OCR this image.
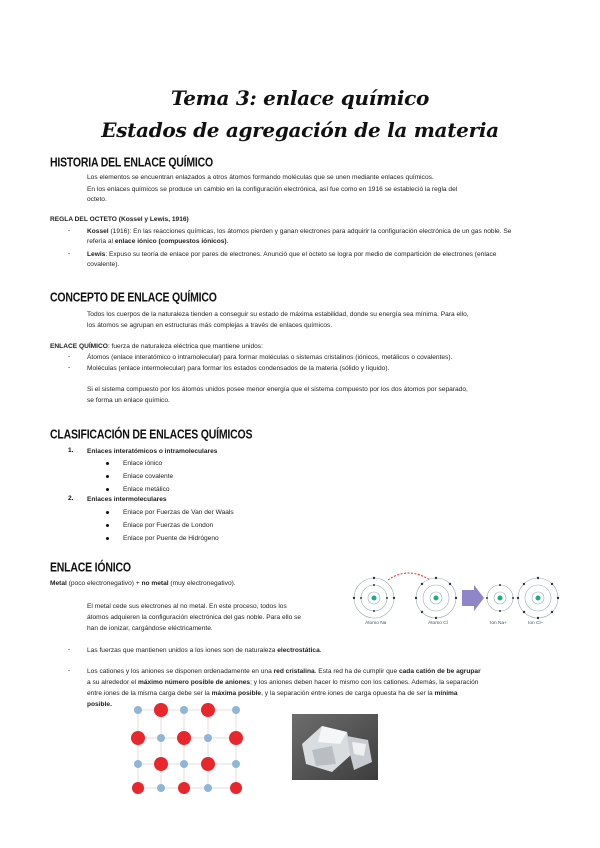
Tema 3: enlace químico
Estados de agregación de la materia
HISTORIA DEL ENLACE QUÍMICO
Los elementos se encuentran enlazados a otros átomos formando moléculas que se unen mediante enlaces químicos.
En los enlaces químicos se produce un cambio en la configuración electrónica, así fue como en 1916 se estableció la regla del
octeto.
REGLA DEL OCTETO (Kossel y Lewis, 1916)
-	Kossel (1916): En las reacciones químicas, los átomos pierden y ganan electrones para adquirir la configuración electrónica de un gas noble. Se
refería al enlace iónico (compuestos iónicos).
-	Lewis: Expuso su teoría de enlace por pares de electrones. Anunció que el octeto se logra por medio de compartición de electrones (enlace
covalente).
CONCEPTO DE ENLACE QUÍMICO
Todos los cuerpos de la naturaleza tienden a conseguir su estado de máxima estabilidad, donde su energía sea mínima. Para ello,
los átomos se agrupan en estructuras más complejas a través de enlaces químicos.
ENLACE QUÍMICO: fuerza de naturaleza eléctrica que mantiene unidos:
-	Átomos (enlace interatómico o intramolecular) para formar moléculas o sistemas cristalinos (iónicos, metálicos o covalentes).
-	Moléculas (enlace intermolecular) para formar los estados condensados de la materia (sólido y líquido).
Si el sistema compuesto por los átomos unidos posee menor energía que el sistema compuesto por los dos átomos por separado,
se forma un enlace químico.
CLASIFICACIÓN DE ENLACES QUÍMICOS
1. Enlaces interatómicos o intramoleculares
Enlace iónico
Enlace covalente
Enlace metálico
2. Enlaces intermoleculares
Enlace por Fuerzas de Van der Waals
Enlace por Fuerzas de London
Enlace por Puente de Hidrógeno
ENLACE IÓNICO
Metal (poco electronegativo) + no metal (muy electronegativo).
El metal cede sus electrones al no metal. En este proceso, todos los
átomos adquieren la configuración electrónica del gas noble. Para ello se
han de ionizar, cargándose eléctricamente.
Átomo Na	Átomo Cl	Ion Na+	Ion Cl−
-	Las fuerzas que mantienen unidos a los iones son de naturaleza electrostática.
-	Los cationes y los aniones se disponen ordenadamente en una red cristalina. Esta red ha de cumplir que cada catión de be agrupar
a su alrededor el máximo número posible de aniones; y los aniones deben hacer lo mismo con los cationes. Además, la separación
entre iones de la misma carga debe ser la máxima posible, y la separación entre iones de carga opuesta ha de ser la mínima
posible.
